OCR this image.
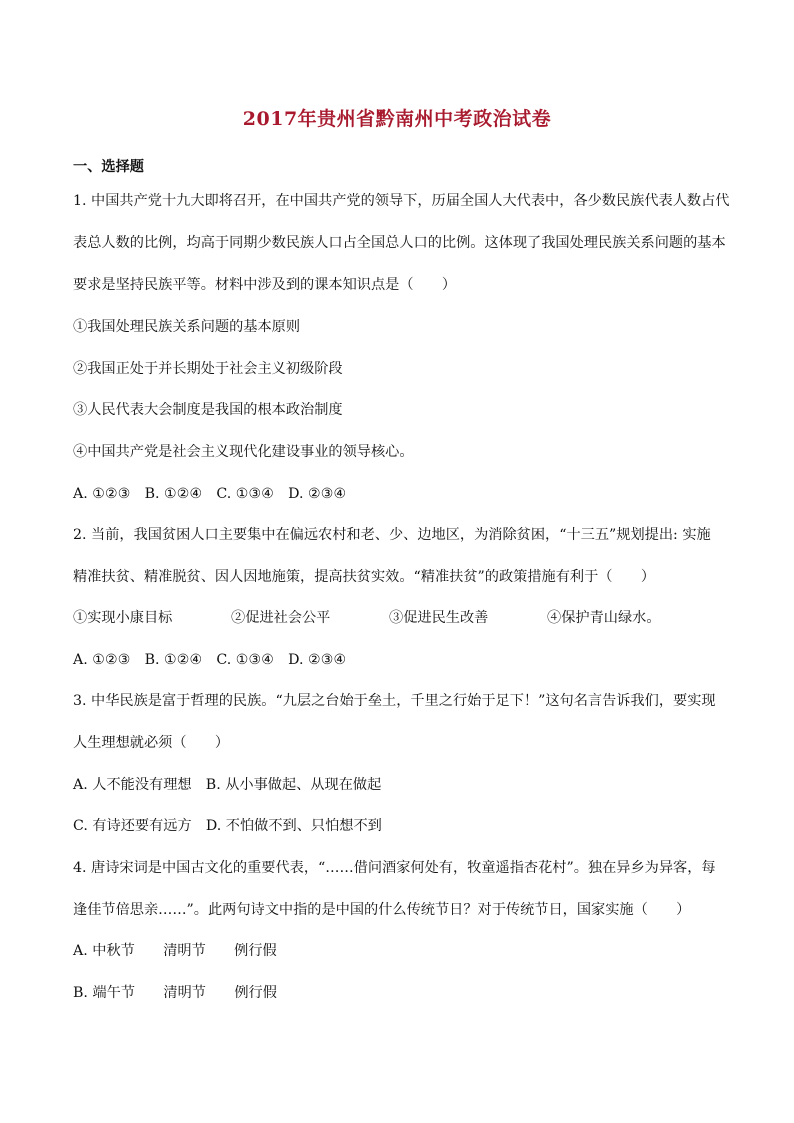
2017年贵州省黔南州中考政治试卷
一、选择题
1. 中国共产党十九大即将召开，在中国共产党的领导下，历届全国人大代表中，各少数民族代表人数占代
表总人数的比例，均高于同期少数民族人口占全国总人口的比例。这体现了我国处理民族关系问题的基本
要求是坚持民族平等。材料中涉及到的课本知识点是（　　）
①我国处理民族关系问题的基本原则
②我国正处于并长期处于社会主义初级阶段
③人民代表大会制度是我国的根本政治制度
④中国共产党是社会主义现代化建设事业的领导核心。
A. ①②③　B. ①②④　C. ①③④　D. ②③④
2. 当前，我国贫困人口主要集中在偏远农村和老、少、边地区，为消除贫困，“十三五”规划提出: 实施
精准扶贫、精准脱贫、因人因地施策，提高扶贫实效。“精准扶贫”的政策措施有利于（　　）
①实现小康目标	②促进社会公平	③促进民生改善	④保护青山绿水。
A. ①②③　B. ①②④　C. ①③④　D. ②③④
3. 中华民族是富于哲理的民族。“九层之台始于垒土，千里之行始于足下！”这句名言告诉我们，要实现
人生理想就必须（　　）
A. 人不能没有理想　B. 从小事做起、从现在做起
C. 有诗还要有远方　D. 不怕做不到、只怕想不到
4. 唐诗宋词是中国古文化的重要代表，“……借问酒家何处有，牧童遥指杏花村”。独在异乡为异客，每
逢佳节倍思亲……”。此两句诗文中指的是中国的什么传统节日？对于传统节日，国家实施（　　）
A. 中秋节　　清明节　　例行假
B. 端午节　　清明节　　例行假
